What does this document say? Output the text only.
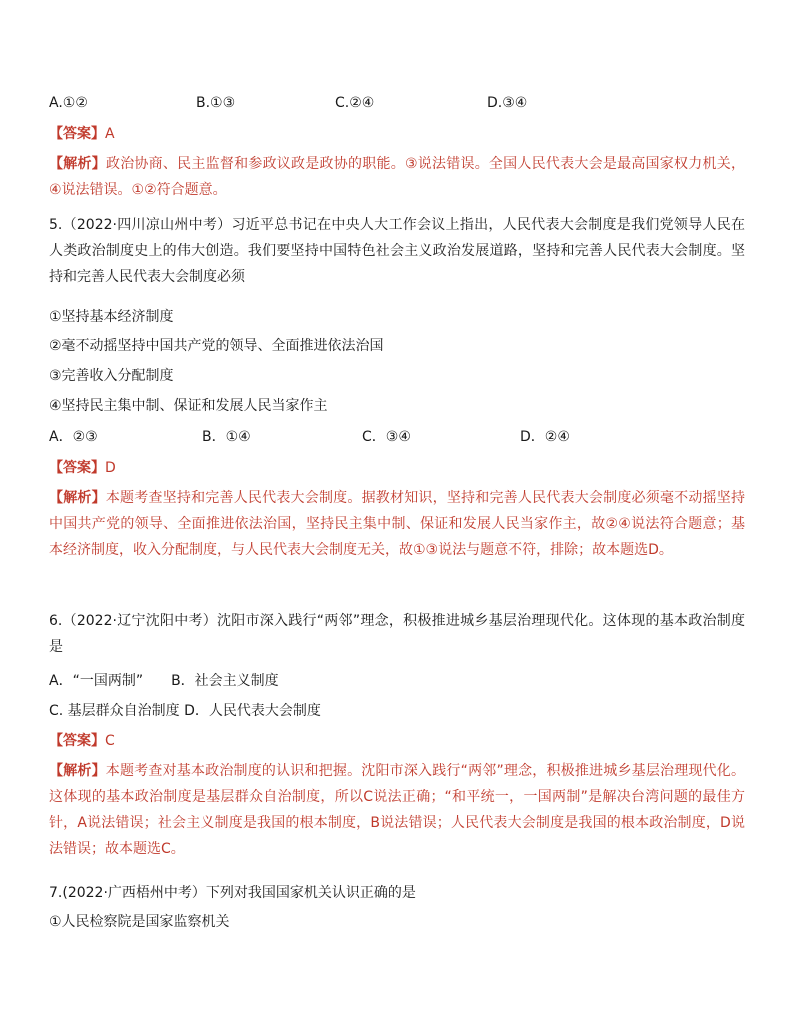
A.①②	B.①③	C.②④	D.③④
【答案】A
【解析】政治协商、民主监督和参政议政是政协的职能。③说法错误。全国人民代表大会是最高国家权力机关，④说法错误。①②符合题意。
5.（2022·四川凉山州中考）习近平总书记在中央人大工作会议上指出，人民代表大会制度是我们党领导人民在人类政治制度史上的伟大创造。我们要坚持中国特色社会主义政治发展道路，坚持和完善人民代表大会制度。坚持和完善人民代表大会制度必须
①坚持基本经济制度
②毫不动摇坚持中国共产党的领导、全面推进依法治国
③完善收入分配制度
④坚持民主集中制、保证和发展人民当家作主
A．②③	B．①④	C．③④	D．②④
【答案】D
【解析】本题考查坚持和完善人民代表大会制度。据教材知识，坚持和完善人民代表大会制度必须毫不动摇坚持中国共产党的领导、全面推进依法治国，坚持民主集中制、保证和发展人民当家作主，故②④说法符合题意；基本经济制度，收入分配制度，与人民代表大会制度无关，故①③说法与题意不符，排除；故本题选D。
6.（2022·辽宁沈阳中考）沈阳市深入践行“两邻”理念，积极推进城乡基层治理现代化。这体现的基本政治制度是
A．“一国两制”　　B．社会主义制度
C. 基层群众自治制度 D．人民代表大会制度
【答案】C
【解析】本题考查对基本政治制度的认识和把握。沈阳市深入践行“两邻”理念，积极推进城乡基层治理现代化。这体现的基本政治制度是基层群众自治制度，所以C说法正确；“和平统一，一国两制”是解决台湾问题的最佳方针，A说法错误；社会主义制度是我国的根本制度，B说法错误；人民代表大会制度是我国的根本政治制度，D说法错误；故本题选C。
7.(2022·广西梧州中考）下列对我国国家机关认识正确的是
①人民检察院是国家监察机关
